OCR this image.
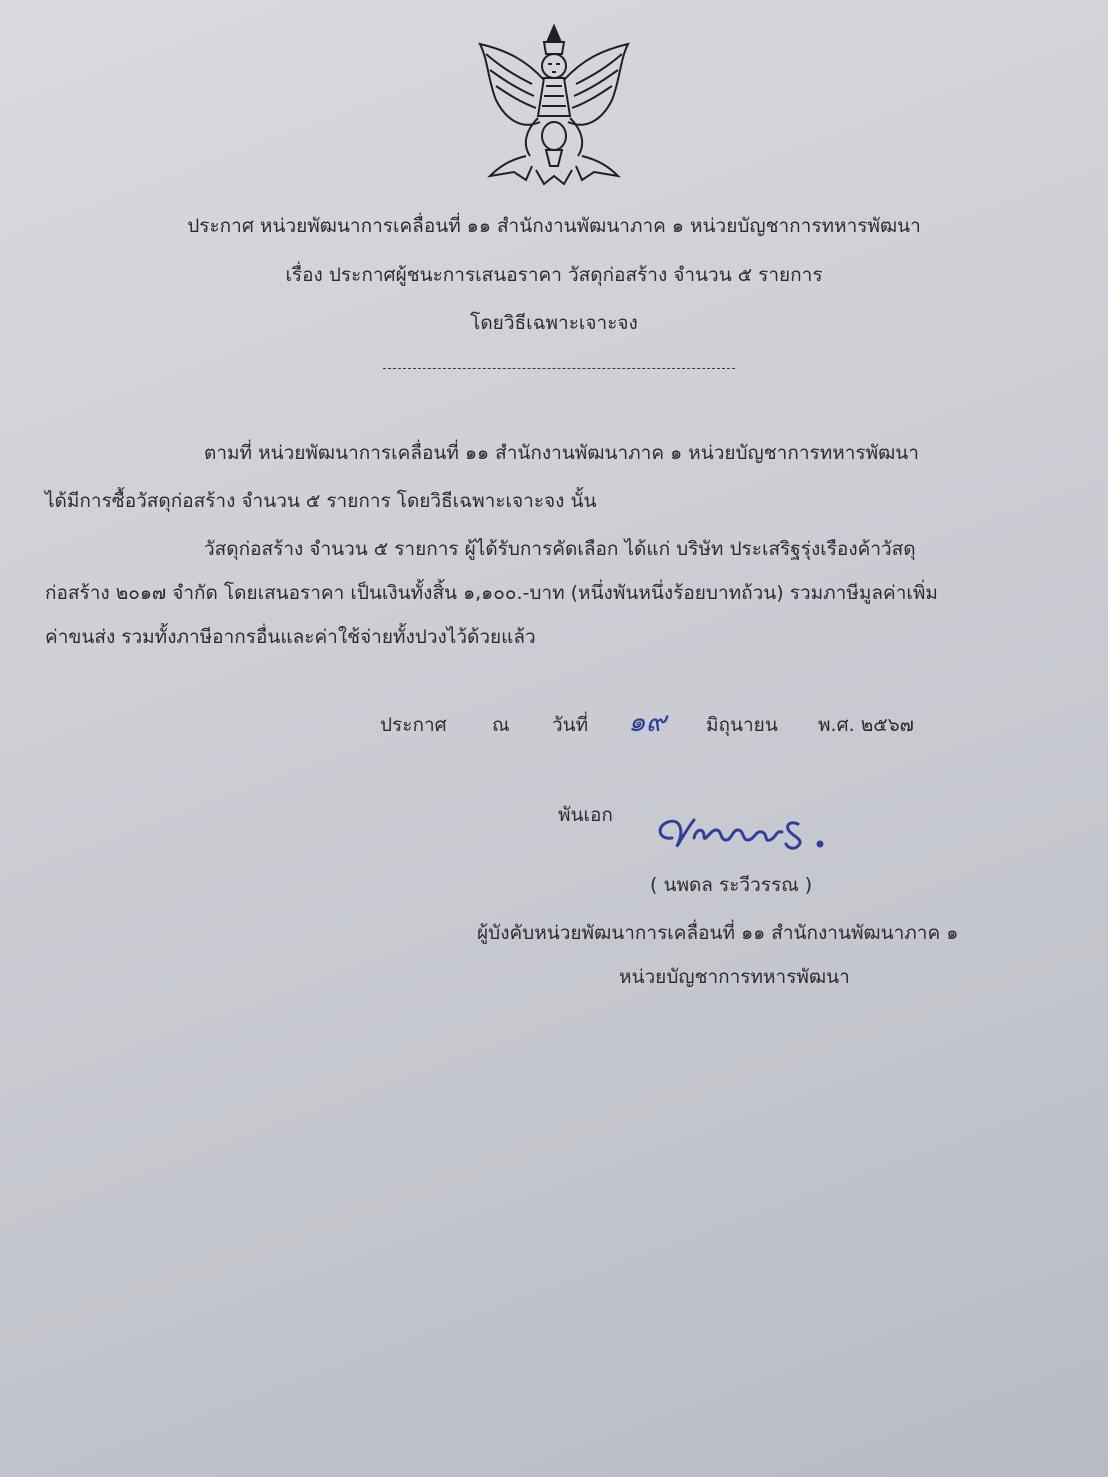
ประกาศ หน่วยพัฒนาการเคลื่อนที่ ๑๑ สำนักงานพัฒนาภาค ๑ หน่วยบัญชาการทหารพัฒนา
เรื่อง ประกาศผู้ชนะการเสนอราคา วัสดุก่อสร้าง จำนวน ๕ รายการ
โดยวิธีเฉพาะเจาะจง
ตามที่ หน่วยพัฒนาการเคลื่อนที่ ๑๑ สำนักงานพัฒนาภาค ๑ หน่วยบัญชาการทหารพัฒนา
ได้มีการซื้อวัสดุก่อสร้าง จำนวน ๕ รายการ โดยวิธีเฉพาะเจาะจง นั้น
วัสดุก่อสร้าง จำนวน ๕ รายการ ผู้ได้รับการคัดเลือก ได้แก่ บริษัท ประเสริฐรุ่งเรืองค้าวัสดุ
ก่อสร้าง ๒๐๑๗ จำกัด โดยเสนอราคา เป็นเงินทั้งสิ้น ๑,๑๐๐.-บาท (หนึ่งพันหนึ่งร้อยบาทถ้วน) รวมภาษีมูลค่าเพิ่ม
ค่าขนส่ง รวมทั้งภาษีอากรอื่นและค่าใช้จ่ายทั้งปวงไว้ด้วยแล้ว
ประกาศ ณ วันที่ ๑๙ มิถุนายน พ.ศ. ๒๕๖๗
พันเอก
( นพดล ระวีวรรณ )
ผู้บังคับหน่วยพัฒนาการเคลื่อนที่ ๑๑ สำนักงานพัฒนาภาค ๑
หน่วยบัญชาการทหารพัฒนา
